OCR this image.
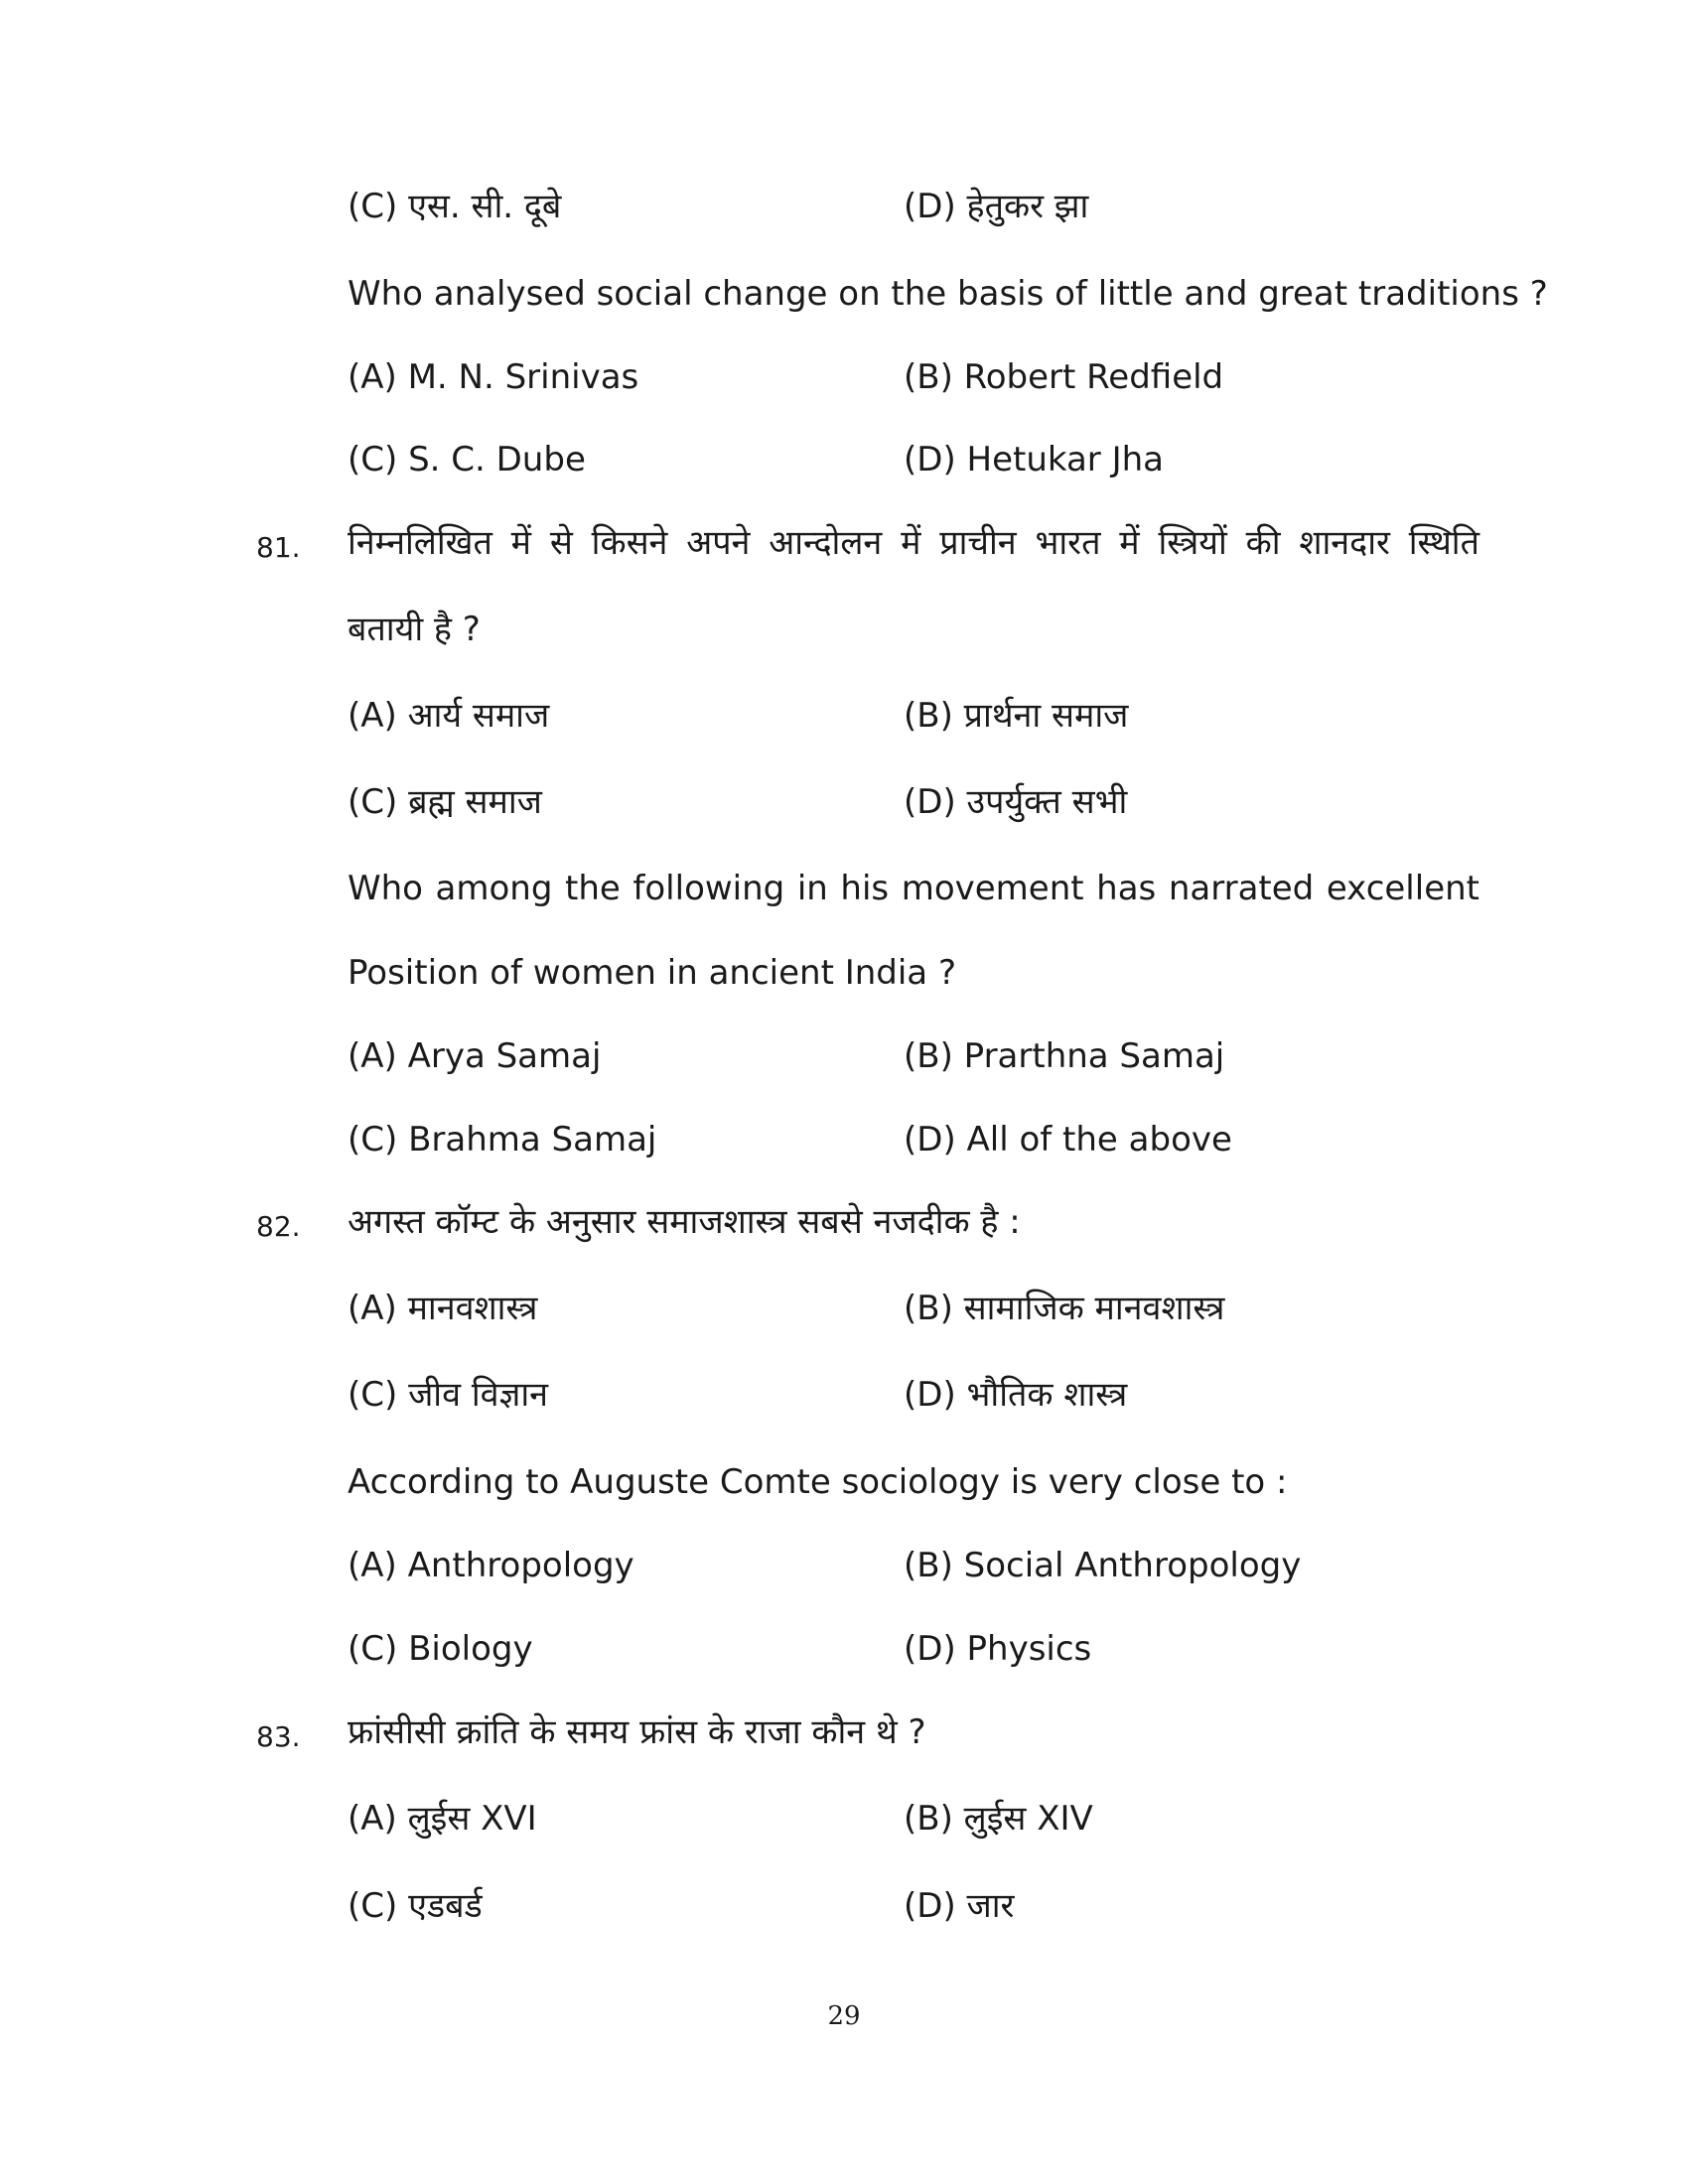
(C) एस. सी. दूबे	(D) हेतुकर झा
Who analysed social change on the basis of little and great traditions ?
(A) M. N. Srinivas	(B) Robert Redfield
(C) S. C. Dube	(D) Hetukar Jha
81. निम्नलिखित में से किसने अपने आन्दोलन में प्राचीन भारत में स्त्रियों की शानदार स्थिति
बतायी है ?
(A) आर्य समाज	(B) प्रार्थना समाज
(C) ब्रह्म समाज	(D) उपर्युक्त सभी
Who among the following in his movement has narrated excellent
Position of women in ancient India ?
(A) Arya Samaj	(B) Prarthna Samaj
(C) Brahma Samaj	(D) All of the above
82. अगस्त कॉम्ट के अनुसार समाजशास्त्र सबसे नजदीक है :
(A) मानवशास्त्र	(B) सामाजिक मानवशास्त्र
(C) जीव विज्ञान	(D) भौतिक शास्त्र
According to Auguste Comte sociology is very close to :
(A) Anthropology	(B) Social Anthropology
(C) Biology	(D) Physics
83. फ्रांसीसी क्रांति के समय फ्रांस के राजा कौन थे ?
(A) लुईस XVI	(B) लुईस XIV
(C) एडबर्ड	(D) जार
29
